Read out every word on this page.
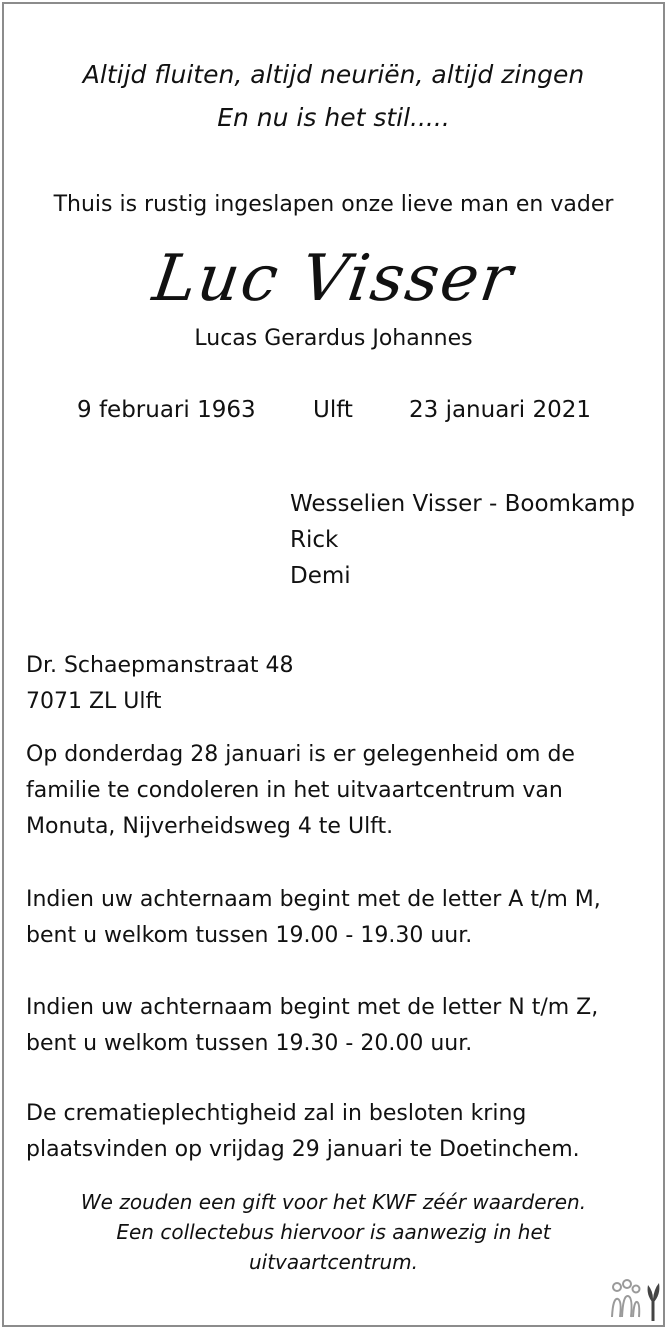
Altijd fluiten, altijd neuriën, altijd zingen
En nu is het stil.....
Thuis is rustig ingeslapen onze lieve man en vader
Luc Visser
Lucas Gerardus Johannes
9 februari 1963 Ulft 23 januari 2021
Wesselien Visser - Boomkamp
Rick
Demi
Dr. Schaepmanstraat 48
7071 ZL Ulft
Op donderdag 28 januari is er gelegenheid om de
familie te condoleren in het uitvaartcentrum van
Monuta, Nijverheidsweg 4 te Ulft.
Indien uw achternaam begint met de letter A t/m M,
bent u welkom tussen 19.00 - 19.30 uur.
Indien uw achternaam begint met de letter N t/m Z,
bent u welkom tussen 19.30 - 20.00 uur.
De crematieplechtigheid zal in besloten kring
plaatsvinden op vrijdag 29 januari te Doetinchem.
We zouden een gift voor het KWF zéér waarderen.
Een collectebus hiervoor is aanwezig in het
uitvaartcentrum.
